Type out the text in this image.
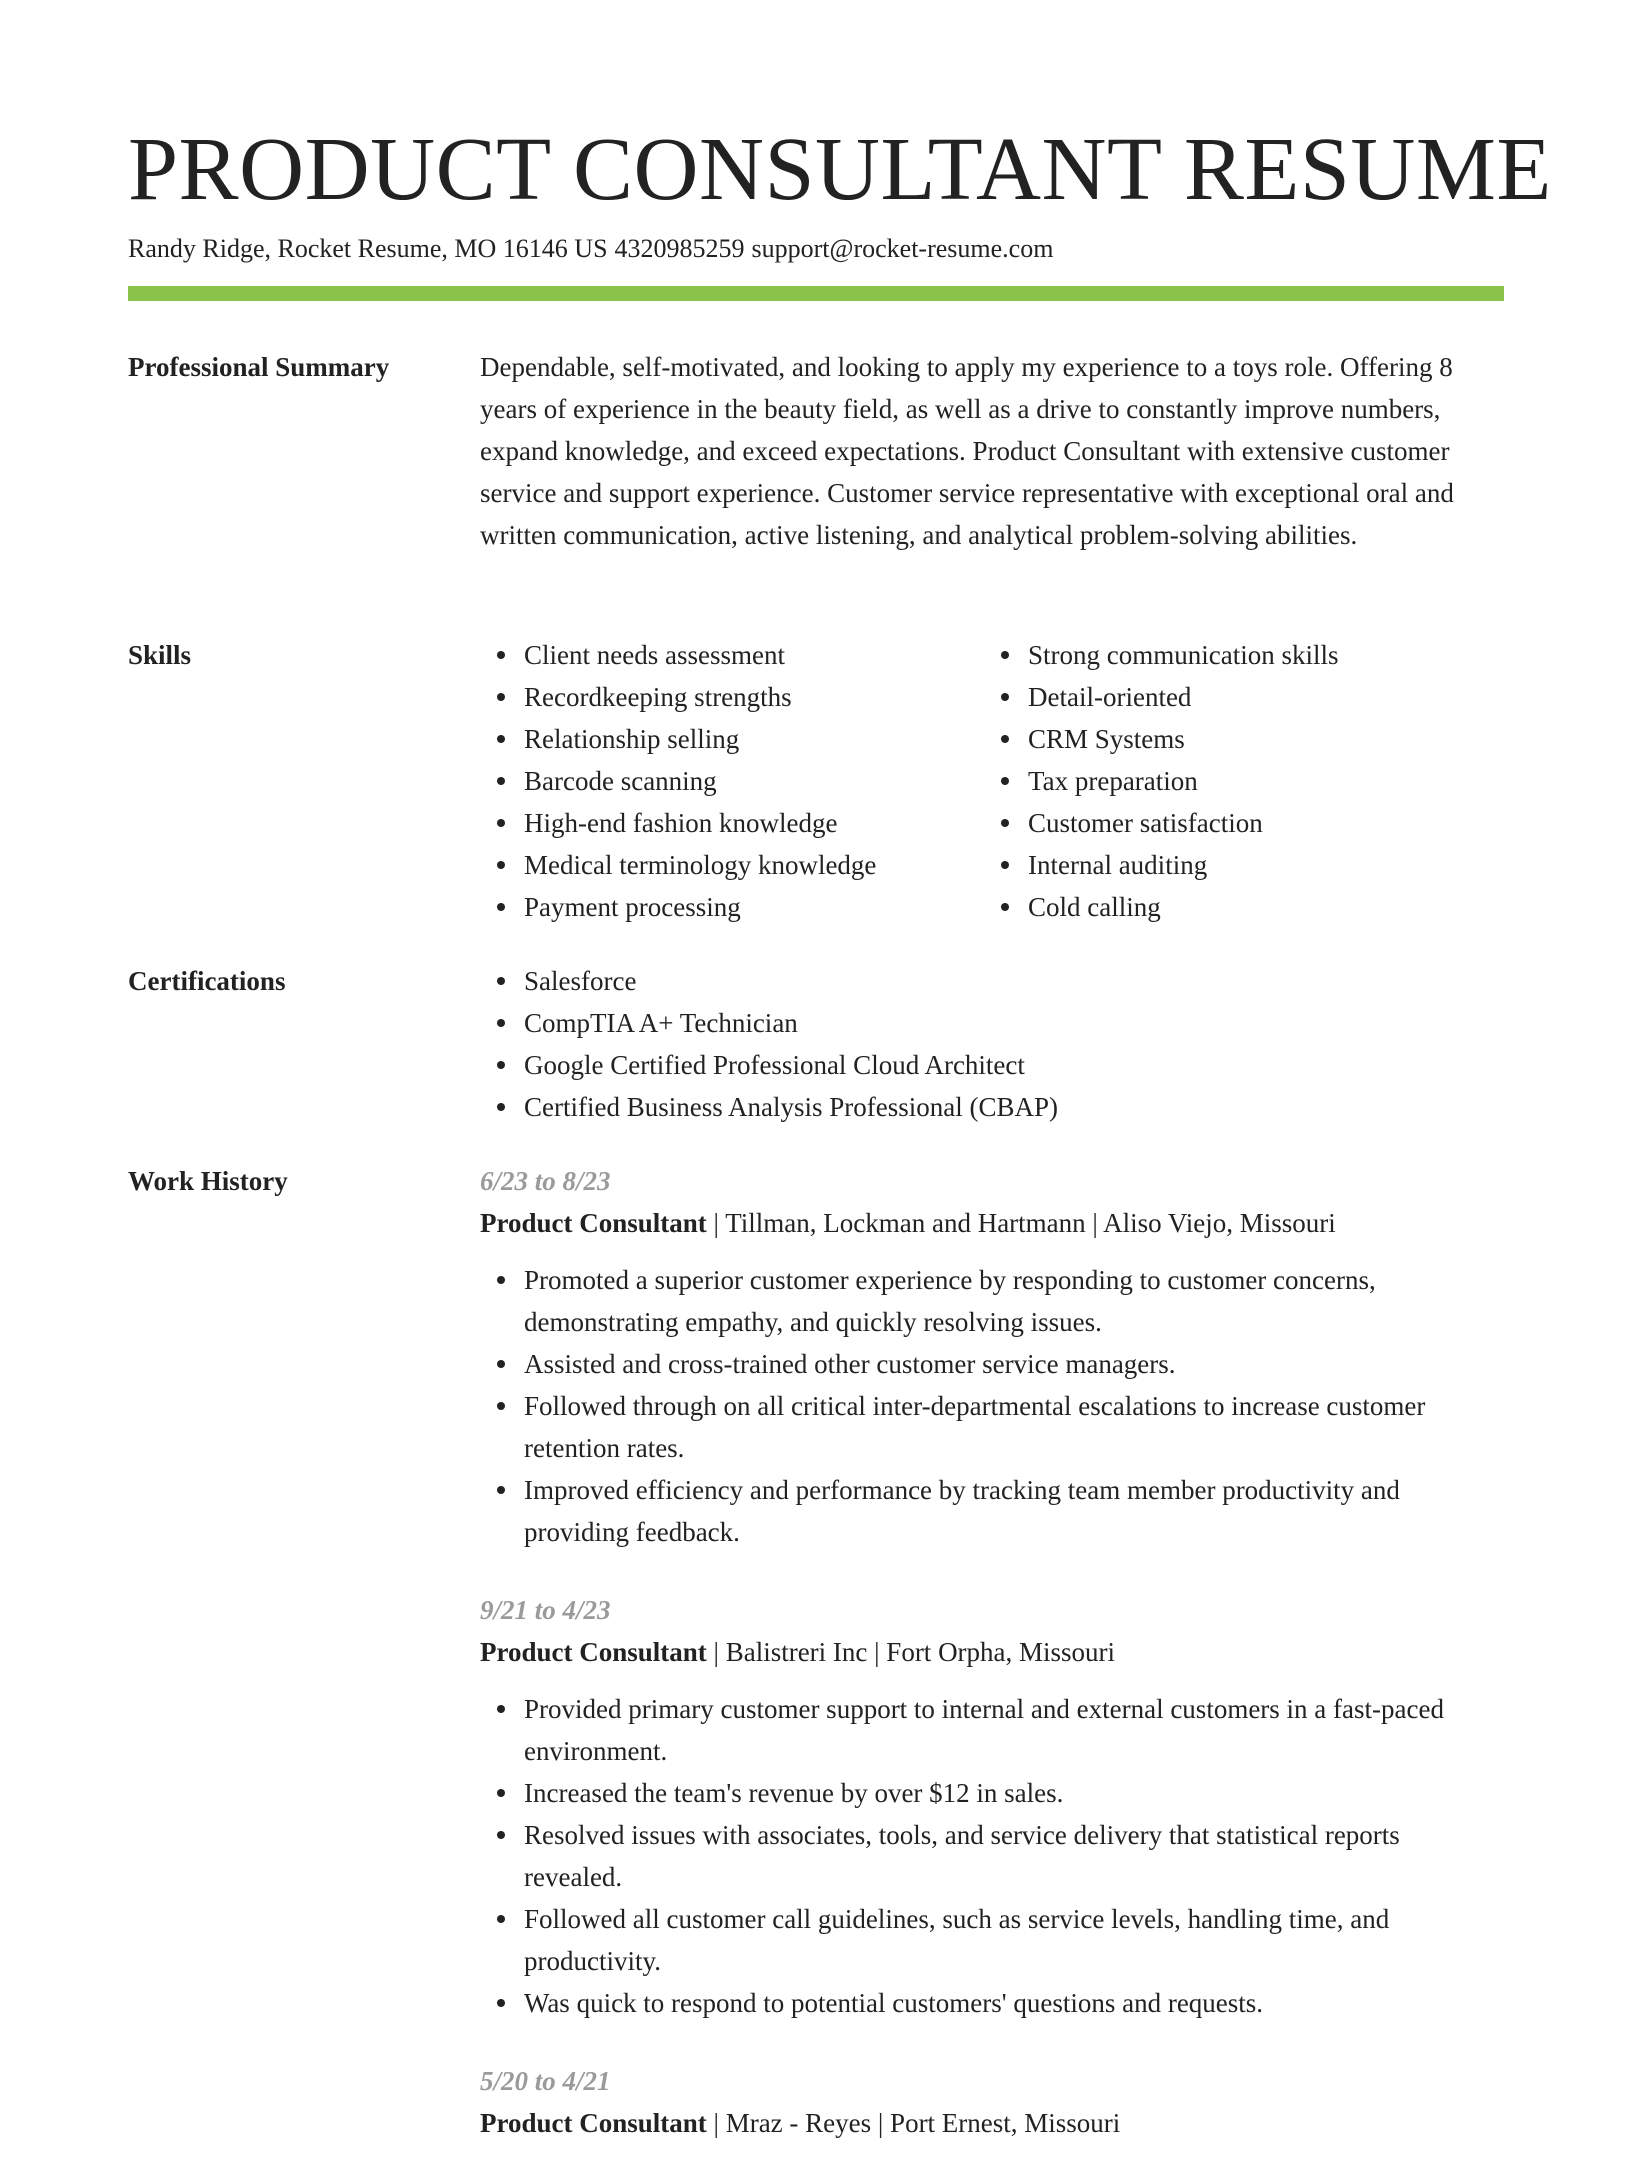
PRODUCT CONSULTANT RESUME
Randy Ridge, Rocket Resume, MO 16146 US 4320985259 support@rocket-resume.com
Professional Summary	Dependable, self-motivated, and looking to apply my experience to a toys role. Offering 8 years of experience in the beauty field, as well as a drive to constantly improve numbers, expand knowledge, and exceed expectations. Product Consultant with extensive customer service and support experience. Customer service representative with exceptional oral and written communication, active listening, and analytical problem-solving abilities.
Skills	Client needs assessment
Recordkeeping strengths
Relationship selling
Barcode scanning
High-end fashion knowledge
Medical terminology knowledge
Payment processing
Strong communication skills
Detail-oriented
CRM Systems
Tax preparation
Customer satisfaction
Internal auditing
Cold calling
Certifications	Salesforce
CompTIA A+ Technician
Google Certified Professional Cloud Architect
Certified Business Analysis Professional (CBAP)
Work History	6/23 to 8/23
Product Consultant | Tillman, Lockman and Hartmann | Aliso Viejo, Missouri
Promoted a superior customer experience by responding to customer concerns, demonstrating empathy, and quickly resolving issues.
Assisted and cross-trained other customer service managers.
Followed through on all critical inter-departmental escalations to increase customer retention rates.
Improved efficiency and performance by tracking team member productivity and providing feedback.
9/21 to 4/23
Product Consultant | Balistreri Inc | Fort Orpha, Missouri
Provided primary customer support to internal and external customers in a fast-paced environment.
Increased the team's revenue by over $12 in sales.
Resolved issues with associates, tools, and service delivery that statistical reports revealed.
Followed all customer call guidelines, such as service levels, handling time, and productivity.
Was quick to respond to potential customers' questions and requests.
5/20 to 4/21
Product Consultant | Mraz - Reyes | Port Ernest, Missouri
